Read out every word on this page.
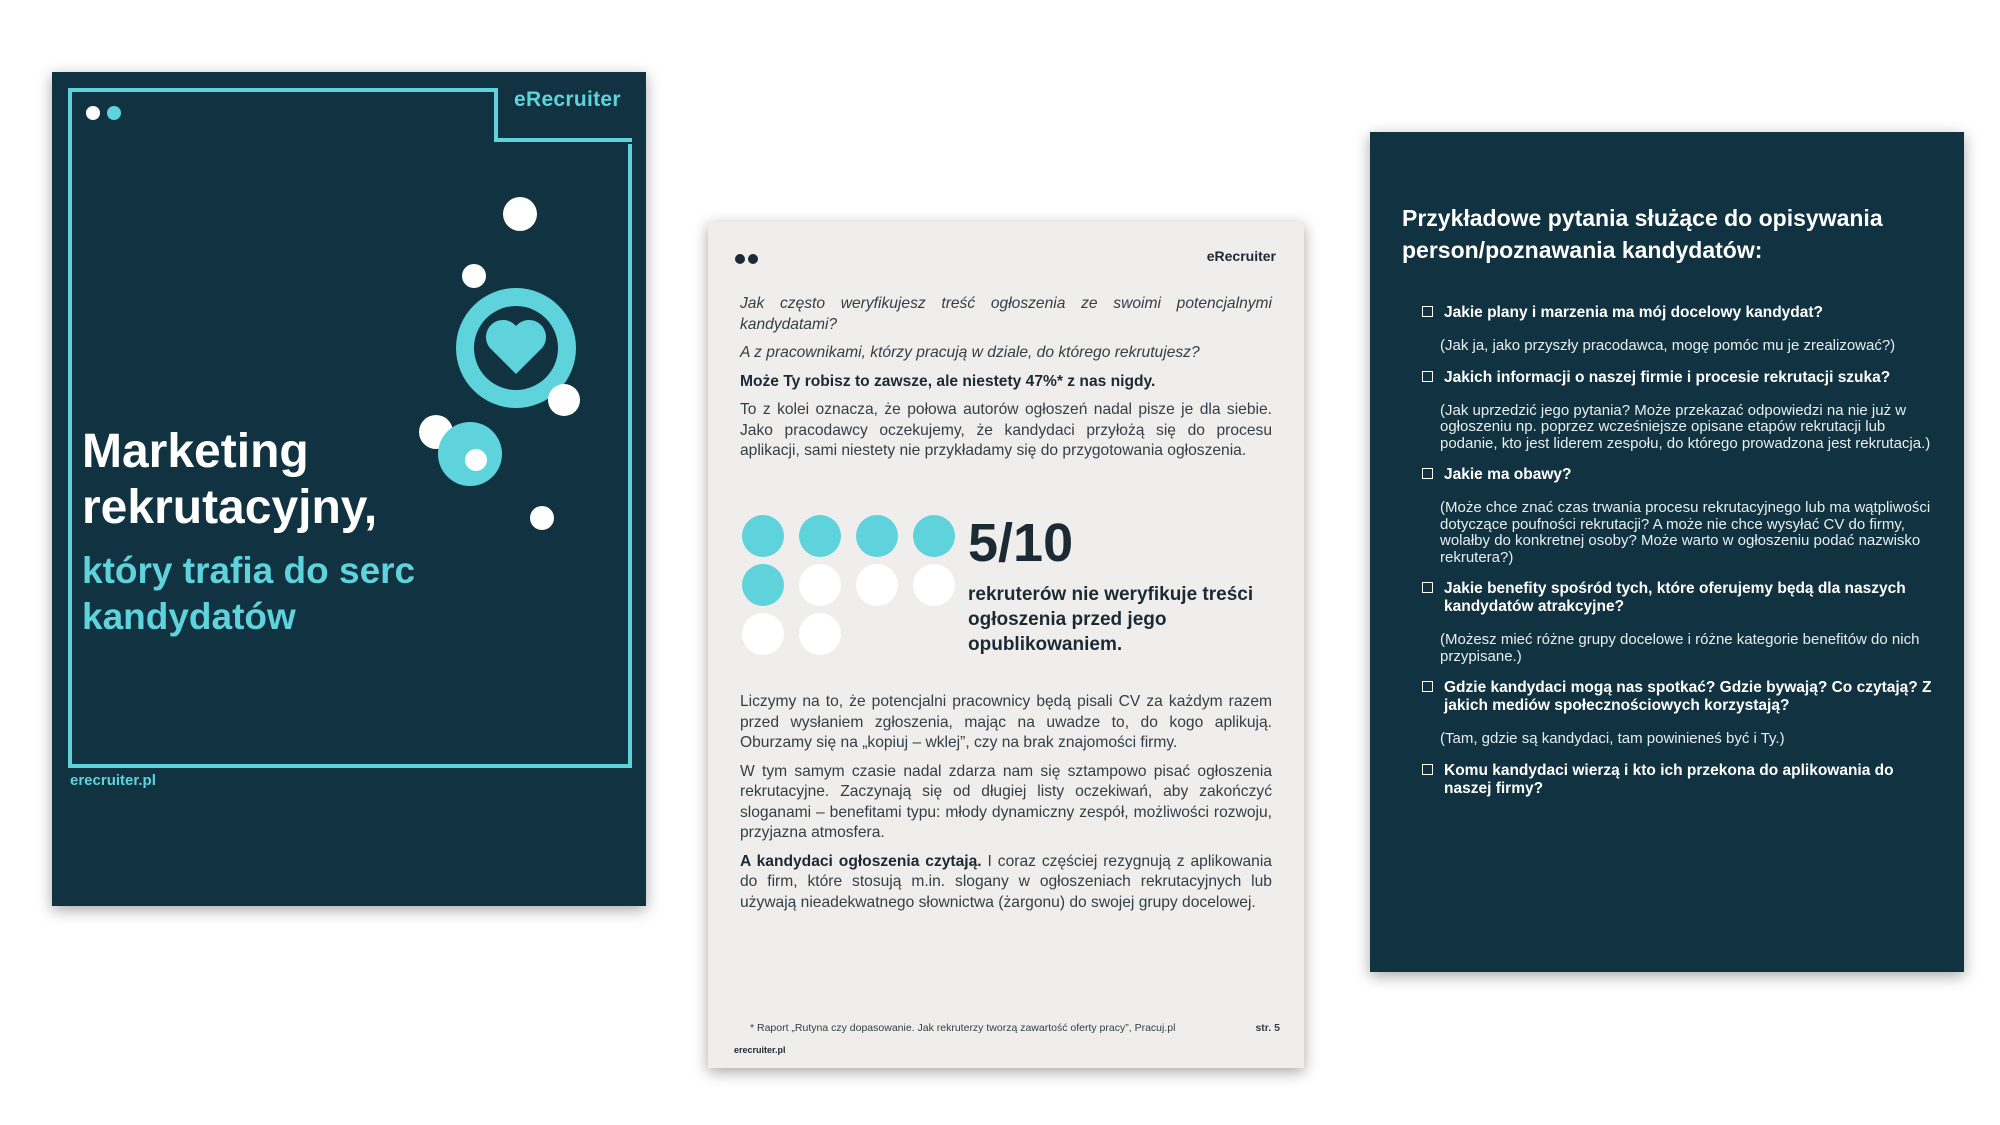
eRecruiter
Marketing rekrutacyjny,
który trafia do serc kandydatów
erecruiter.pl
eRecruiter

Jak często weryfikujesz treść ogłoszenia ze swoimi potencjalnymi kandydatami?

A z pracownikami, którzy pracują w dziale, do którego rekrutujesz?

Może Ty robisz to zawsze, ale niestety 47%* z nas nigdy.

To z kolei oznacza, że połowa autorów ogłoszeń nadal pisze je dla siebie. Jako pracodawcy oczekujemy, że kandydaci przyłożą się do procesu aplikacji, sami niestety nie przykładamy się do przygotowania ogłoszenia.

5/10
rekruterów nie weryfikuje treści ogłoszenia przed jego opublikowaniem.

Liczymy na to, że potencjalni pracownicy będą pisali CV za każdym razem przed wysłaniem zgłoszenia, mając na uwadze to, do kogo aplikują. Oburzamy się na „kopiuj – wklej”, czy na brak znajomości firmy.

W tym samym czasie nadal zdarza nam się sztampowo pisać ogłoszenia rekrutacyjne. Zaczynają się od długiej listy oczekiwań, aby zakończyć sloganami – benefitami typu: młody dynamiczny zespół, możliwości rozwoju, przyjazna atmosfera.

A kandydaci ogłoszenia czytają. I coraz częściej rezygnują z aplikowania do firm, które stosują m.in. slogany w ogłoszeniach rekrutacyjnych lub używają nieadekwatnego słownictwa (żargonu) do swojej grupy docelowej.

* Raport „Rutyna czy dopasowanie. Jak rekruterzy tworzą zawartość oferty pracy”, Pracuj.pl	str. 5
erecruiter.pl
Przykładowe pytania służące do opisywania person/poznawania kandydatów:
Jakie plany i marzenia ma mój docelowy kandydat?
(Jak ja, jako przyszły pracodawca, mogę pomóc mu je zrealizować?)
Jakich informacji o naszej firmie i procesie rekrutacji szuka?
(Jak uprzedzić jego pytania? Może przekazać odpowiedzi na nie już w ogłoszeniu np. poprzez wcześniejsze opisane etapów rekrutacji lub podanie, kto jest liderem zespołu, do którego prowadzona jest rekrutacja.)
Jakie ma obawy?
(Może chce znać czas trwania procesu rekrutacyjnego lub ma wątpliwości dotyczące poufności rekrutacji? A może nie chce wysyłać CV do firmy, wolałby do konkretnej osoby? Może warto w ogłoszeniu podać nazwisko rekrutera?)
Jakie benefity spośród tych, które oferujemy będą dla naszych kandydatów atrakcyjne?
(Możesz mieć różne grupy docelowe i różne kategorie benefitów do nich przypisane.)
Gdzie kandydaci mogą nas spotkać? Gdzie bywają? Co czytają? Z jakich mediów społecznościowych korzystają?
(Tam, gdzie są kandydaci, tam powinieneś być i Ty.)
Komu kandydaci wierzą i kto ich przekona do aplikowania do naszej firmy?
